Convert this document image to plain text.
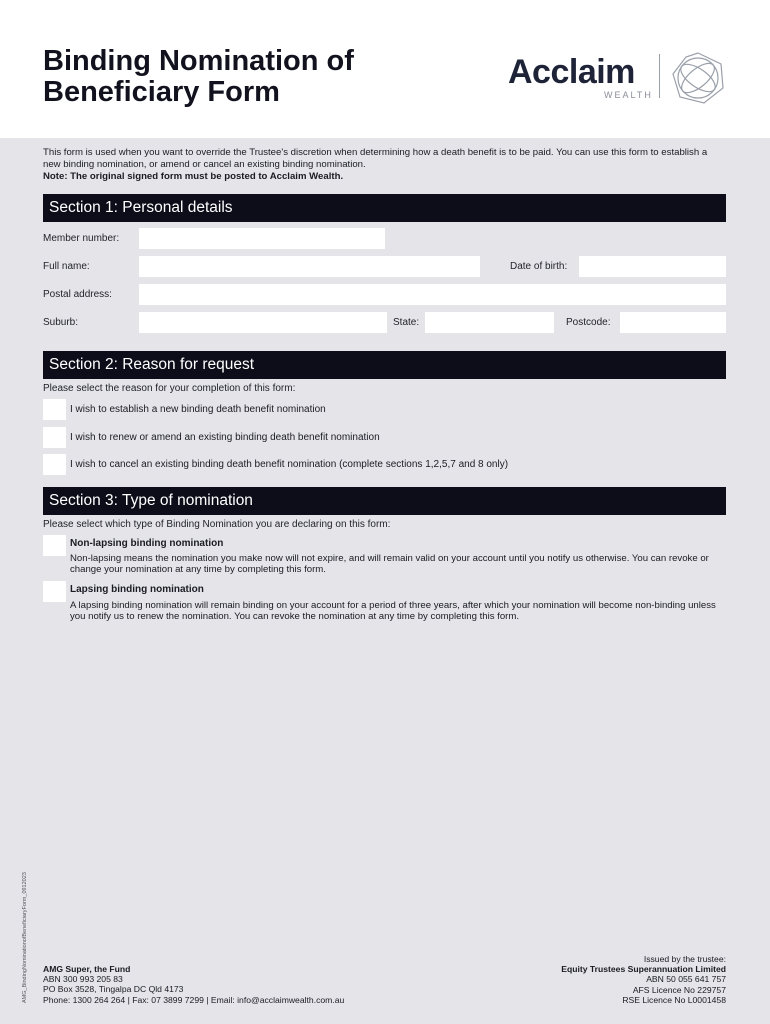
Binding Nomination of
Beneficiary Form
Acclaim
WEALTH

This form is used when you want to override the Trustee's discretion when determining how a death benefit is to be paid. You can use this form to establish a new binding nomination, or amend or cancel an existing binding nomination.

Note: The original signed form must be posted to Acclaim Wealth.

Section 1: Personal details
Member number:
Full name:	Date of birth:
Postal address:
Suburb:	State:	Postcode:
Section 2: Reason for request
Please select the reason for your completion of this form:
I wish to establish a new binding death benefit nomination
I wish to renew or amend an existing binding death benefit nomination
I wish to cancel an existing binding death benefit nomination (complete sections 1,2,5,7 and 8 only)
Section 3: Type of nomination
Please select which type of Binding Nomination you are declaring on this form:
Non-lapsing binding nomination
Non-lapsing means the nomination you make now will not expire, and will remain valid on your account until you notify us otherwise. You can revoke or change your nomination at any time by completing this form.
Lapsing binding nomination
A lapsing binding nomination will remain binding on your account for a period of three years, after which your nomination will become non-binding unless you notify us to renew the nomination. You can revoke the nomination at any time by completing this form.
AMG_BindingNominationofBeneficiaryForm_0912023 AMG Super, the Fund

ABN 300 993 205 83

PO Box 3528, Tingalpa DC Qld 4173

Phone: 1300 264 264 | Fax: 07 3899 7299 | Email: info@acclaimwealth.com.au

Issued by the trustee:

Equity Trustees Superannuation Limited

ABN 50 055 641 757

AFS Licence No 229757

RSE Licence No L0001458
